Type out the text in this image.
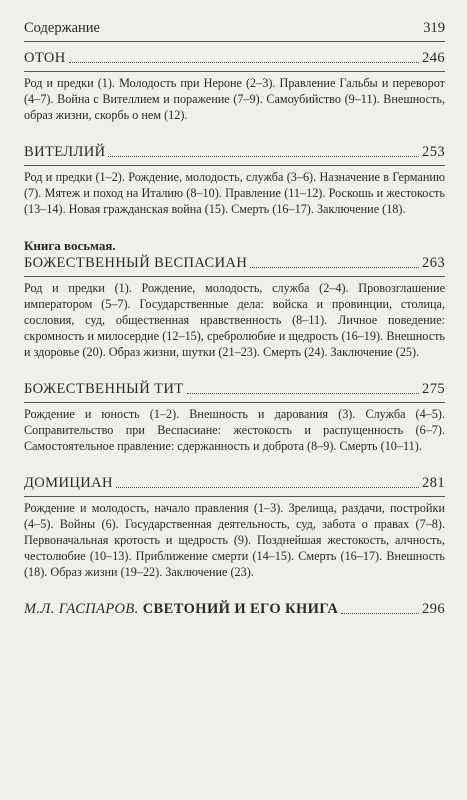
Содержание	319
ОТОН	246
Род и предки (1). Молодость при Нероне (2–3). Правление Гальбы и переворот (4–7). Война с Вителлием и поражение (7–9). Самоубийство (9–11). Внешность, образ жизни, скорбь о нем (12).
ВИТЕЛЛИЙ	253
Род и предки (1–2). Рождение, молодость, служба (3–6). Назначение в Германию (7). Мятеж и поход на Италию (8–10). Правление (11–12). Роскошь и жестокость (13–14). Новая гражданская война (15). Смерть (16–17). Заключение (18).
Книга восьмая.
БОЖЕСТВЕННЫЙ ВЕСПАСИАН	263
Род и предки (1). Рождение, молодость, служба (2–4). Провозглашение императором (5–7). Государственные дела: войска и провинции, столица, сословия, суд, общественная нравственность (8–11). Личное поведение: скромность и милосердие (12–15), сребролюбие и щедрость (16–19). Внешность и здоровье (20). Образ жизни, шутки (21–23). Смерть (24). Заключение (25).
БОЖЕСТВЕННЫЙ ТИТ	275
Рождение и юность (1–2). Внешность и дарования (3). Служба (4–5). Соправительство при Веспасиане: жестокость и распущенность (6–7). Самостоятельное правление: сдержанность и доброта (8–9). Смерть (10–11).
ДОМИЦИАН	281
Рождение и молодость, начало правления (1–3). Зрелища, раздачи, постройки (4–5). Войны (6). Государственная деятельность, суд, забота о правах (7–8). Первоначальная кротость и щедрость (9). Позднейшая жестокость, алчность, честолюбие (10–13). Приближение смерти (14–15). Смерть (16–17). Внешность (18). Образ жизни (19–22). Заключение (23).
М.Л. ГАСПАРОВ. СВЕТОНИЙ И ЕГО КНИГА	296
